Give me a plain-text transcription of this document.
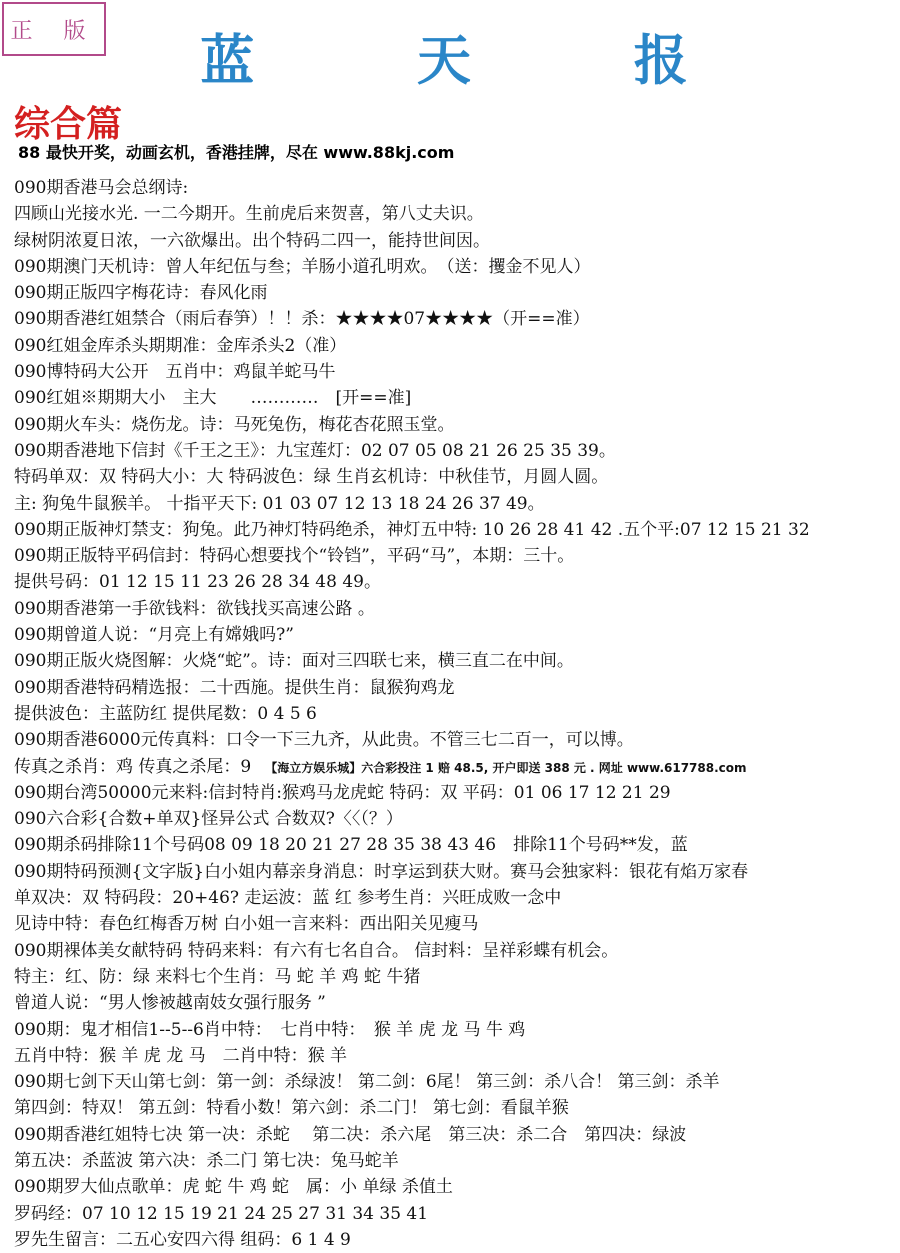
正 版	蓝 天 报
综合篇
88 最快开奖，动画玄机，香港挂牌，尽在 www.88kj.com
090期香港马会总纲诗:
四顾山光接水光. 一二今期开。生前虎后来贺喜，第八丈夫识。
绿树阴浓夏日浓，一六欲爆出。出个特码二四一，能持世间因。
090期澳门天机诗：曾人年纪伍与叁；羊肠小道孔明欢。　（送：攫金不见人）
090期正版四字梅花诗：春风化雨
090期香港红姐禁合（雨后春笋）！！杀：★★★★07★★★★（开==准）
090红姐金库杀头期期准：金库杀头2（准）
090博特码大公开　五肖中：鸡鼠羊蛇马牛
090红姐※期期大小　主大　　…………　[开==准]
090期火车头：烧伤龙。诗：马死兔伤，梅花杏花照玉堂。
090期香港地下信封《千王之王》：九宝莲灯：02 07 05 08 21 26 25 35 39。
特码单双：双 特码大小：大 特码波色：绿 生肖玄机诗：中秋佳节，月圆人圆。
主: 狗兔牛鼠猴羊。 十指平天下: 01 03 07 12 13 18 24 26 37 49。
090期正版神灯禁支：狗兔。此乃神灯特码绝杀，神灯五中特: 10 26 28 41 42 .五个平:07 12 15 21 32
090期正版特平码信封：特码心想要找个“铃铛”，平码“马”，本期：三十。
提供号码：01 12 15 11 23 26 28 34 48 49。
090期香港第一手欲钱料：欲钱找买高速公路 。
090期曾道人说：“月亮上有嫦娥吗?”
090期正版火烧图解：火烧“蛇”。诗：面对三四联七来，横三直二在中间。
090期香港特码精选报：二十西施。提供生肖：鼠猴狗鸡龙
提供波色：主蓝防红 提供尾数：0 4 5 6
090期香港6000元传真料：口令一下三九齐，从此贵。不管三七二百一，可以博。
传真之杀肖：鸡 传真之杀尾：9 【海立方娱乐城】六合彩投注 1 赔 48.5, 开户即送 388 元 . 网址 www.617788.com
090期台湾50000元来料:信封特肖:猴鸡马龙虎蛇 特码：双 平码：01 06 17 12 21 29
090六合彩{合数+单双}怪异公式 合数双?〈〈（？）
090期杀码排除11个号码08 09 18 20 21 27 28 35 38 43 46　排除11个号码**发，蓝
090期特码预测{文字版}白小姐内幕亲身消息：时享运到获大财。赛马会独家料：银花有焰万家春
单双决：双 特码段：20+46? 走运波：蓝 红 参考生肖：兴旺成败一念中
见诗中特：春色红梅香万树 白小姐一言来料：西出阳关见瘦马
090期裸体美女献特码 特码来料：有六有七名自合。 信封料：呈祥彩蝶有机会。
特主：红、防：绿 来料七个生肖：马 蛇 羊 鸡 蛇 牛猪
曾道人说：“男人惨被越南妓女强行服务 ”
090期：鬼才相信1--5--6肖中特：　七肖中特：　猴 羊 虎 龙 马 牛 鸡
五肖中特：猴 羊 虎 龙 马　二肖中特：猴 羊
090期七剑下天山第七剑：第一剑：杀绿波！ 第二剑：6尾！ 第三剑：杀八合！ 第三剑：杀羊
第四剑：特双！ 第五剑：特看小数！第六剑：杀二门！ 第七剑：看鼠羊猴
090期香港红姐特七决 第一决：杀蛇　 第二决：杀六尾　第三决：杀二合　第四决：绿波
第五决：杀蓝波 第六决：杀二门 第七决：兔马蛇羊
090期罗大仙点歌单：虎 蛇 牛 鸡 蛇　属：小 单绿 杀值土
罗码经：07 10 12 15 19 21 24 25 27 31 34 35 41
罗先生留言：二五心安四六得 组码：6 1 4 9
